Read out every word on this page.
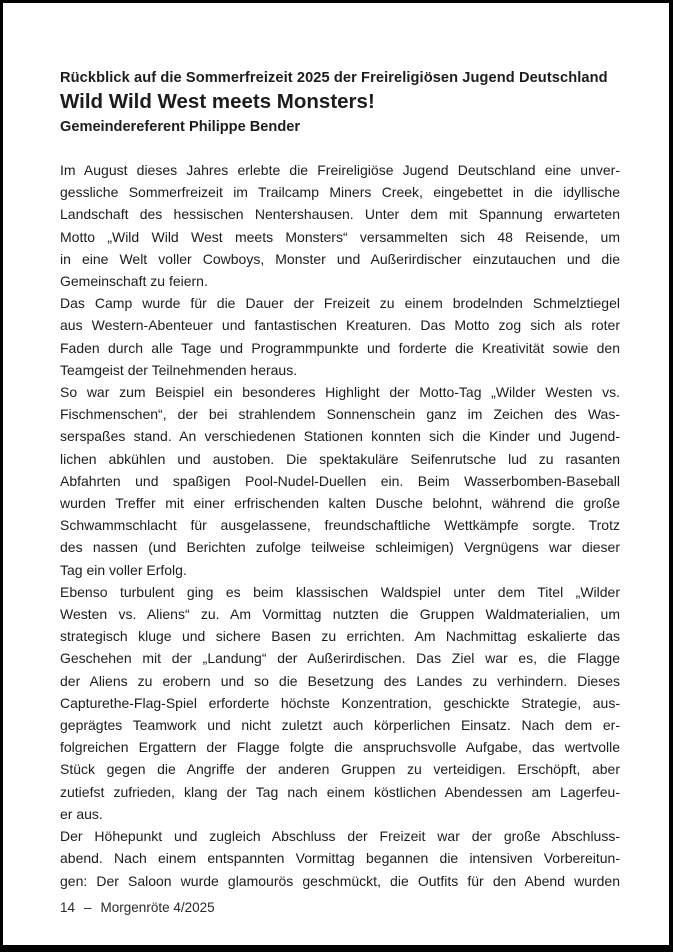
Rückblick auf die Sommerfreizeit 2025 der Freireligiösen Jugend Deutschland
Wild Wild West meets Monsters!
Gemeindereferent Philippe Bender
Im August dieses Jahres erlebte die Freireligiöse Jugend Deutschland eine unver-
gessliche Sommerfreizeit im Trailcamp Miners Creek, eingebettet in die idyllische
Landschaft des hessischen Nentershausen. Unter dem mit Spannung erwarteten
Motto „Wild Wild West meets Monsters“ versammelten sich 48 Reisende, um
in eine Welt voller Cowboys, Monster und Außerirdischer einzutauchen und die
Gemeinschaft zu feiern.
Das Camp wurde für die Dauer der Freizeit zu einem brodelnden Schmelztiegel
aus Western-Abenteuer und fantastischen Kreaturen. Das Motto zog sich als roter
Faden durch alle Tage und Programmpunkte und forderte die Kreativität sowie den
Teamgeist der Teilnehmenden heraus.
So war zum Beispiel ein besonderes Highlight der Motto-Tag „Wilder Westen vs.
Fischmenschen“, der bei strahlendem Sonnenschein ganz im Zeichen des Was-
serspaßes stand. An verschiedenen Stationen konnten sich die Kinder und Jugend-
lichen abkühlen und austoben. Die spektakuläre Seifenrutsche lud zu rasanten
Abfahrten und spaßigen Pool-Nudel-Duellen ein. Beim Wasserbomben-Baseball
wurden Treffer mit einer erfrischenden kalten Dusche belohnt, während die große
Schwammschlacht für ausgelassene, freundschaftliche Wettkämpfe sorgte. Trotz
des nassen (und Berichten zufolge teilweise schleimigen) Vergnügens war dieser
Tag ein voller Erfolg.
Ebenso turbulent ging es beim klassischen Waldspiel unter dem Titel „Wilder
Westen vs. Aliens“ zu. Am Vormittag nutzten die Gruppen Waldmaterialien, um
strategisch kluge und sichere Basen zu errichten. Am Nachmittag eskalierte das
Geschehen mit der „Landung“ der Außerirdischen. Das Ziel war es, die Flagge
der Aliens zu erobern und so die Besetzung des Landes zu verhindern. Dieses
Capturethe-Flag-Spiel erforderte höchste Konzentration, geschickte Strategie, aus-
geprägtes Teamwork und nicht zuletzt auch körperlichen Einsatz. Nach dem er-
folgreichen Ergattern der Flagge folgte die anspruchsvolle Aufgabe, das wertvolle
Stück gegen die Angriffe der anderen Gruppen zu verteidigen. Erschöpft, aber
zutiefst zufrieden, klang der Tag nach einem köstlichen Abendessen am Lagerfeu-
er aus.
Der Höhepunkt und zugleich Abschluss der Freizeit war der große Abschluss-
abend. Nach einem entspannten Vormittag begannen die intensiven Vorbereitun-
gen: Der Saloon wurde glamourös geschmückt, die Outfits für den Abend wurden
14 – Morgenröte 4/2025
